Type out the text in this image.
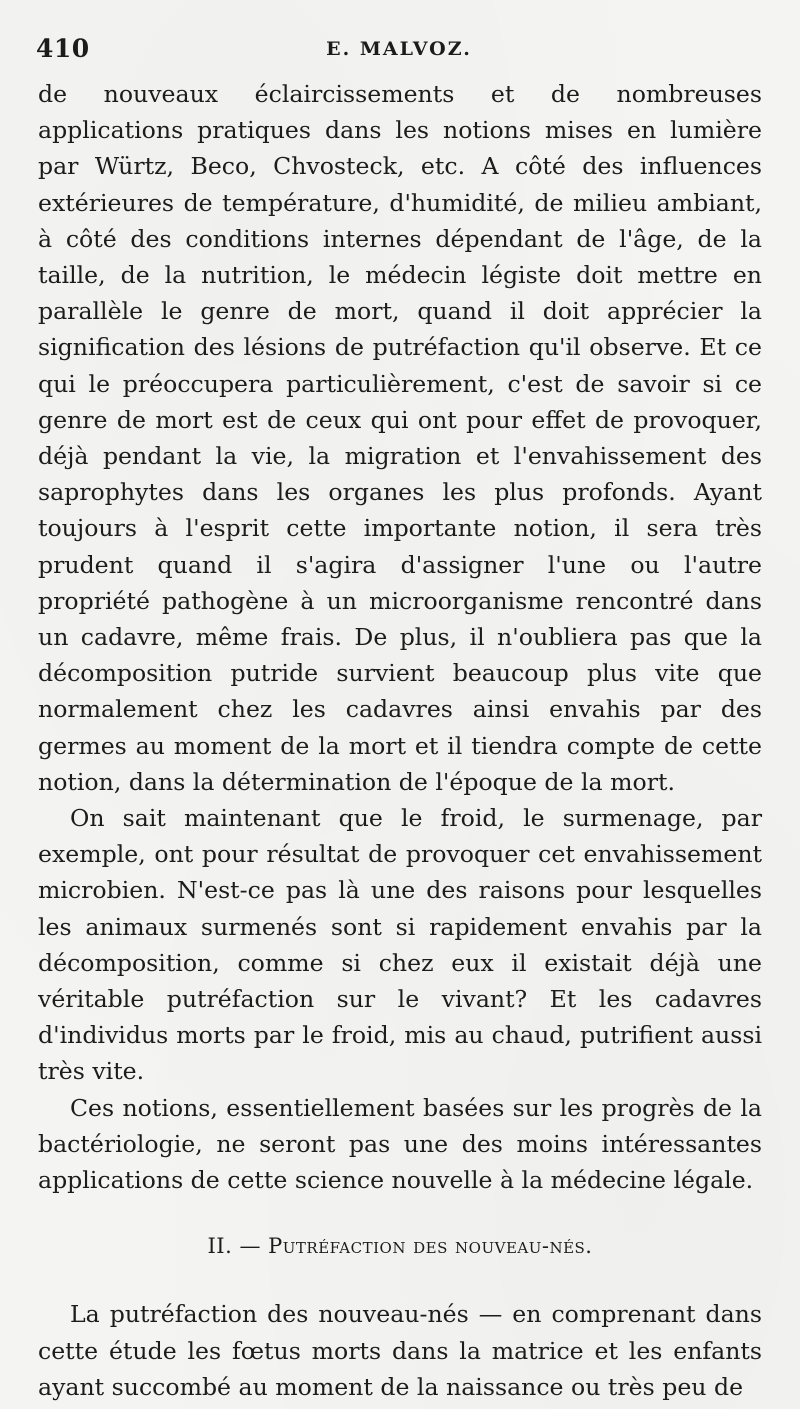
410	E. MALVOZ.

de nouveaux éclaircissements et de nombreuses applications pratiques dans les notions mises en lumière par Würtz, Beco, Chvosteck, etc. A côté des influences extérieures de température, d'humidité, de milieu ambiant, à côté des conditions internes dépendant de l'âge, de la taille, de la nutrition, le médecin légiste doit mettre en parallèle le genre de mort, quand il doit apprécier la signification des lésions de putréfaction qu'il observe. Et ce qui le préoccupera particulièrement, c'est de savoir si ce genre de mort est de ceux qui ont pour effet de provoquer, déjà pendant la vie, la migration et l'envahissement des saprophytes dans les organes les plus profonds. Ayant toujours à l'esprit cette importante notion, il sera très prudent quand il s'agira d'assigner l'une ou l'autre propriété pathogène à un microorganisme rencontré dans un cadavre, même frais. De plus, il n'oubliera pas que la décomposition putride survient beaucoup plus vite que normalement chez les cadavres ainsi envahis par des germes au moment de la mort et il tiendra compte de cette notion, dans la détermination de l'époque de la mort.

On sait maintenant que le froid, le surmenage, par exemple, ont pour résultat de provoquer cet envahissement microbien. N'est-ce pas là une des raisons pour lesquelles les animaux surmenés sont si rapidement envahis par la décomposition, comme si chez eux il existait déjà une véritable putréfaction sur le vivant? Et les cadavres d'individus morts par le froid, mis au chaud, putrifient aussi très vite.

Ces notions, essentiellement basées sur les progrès de la bactériologie, ne seront pas une des moins intéressantes applications de cette science nouvelle à la médecine légale.

II. — Putréfaction des nouveau-nés.

La putréfaction des nouveau-nés — en comprenant dans cette étude les fœtus morts dans la matrice et les enfants ayant succombé au moment de la naissance ou très peu de
